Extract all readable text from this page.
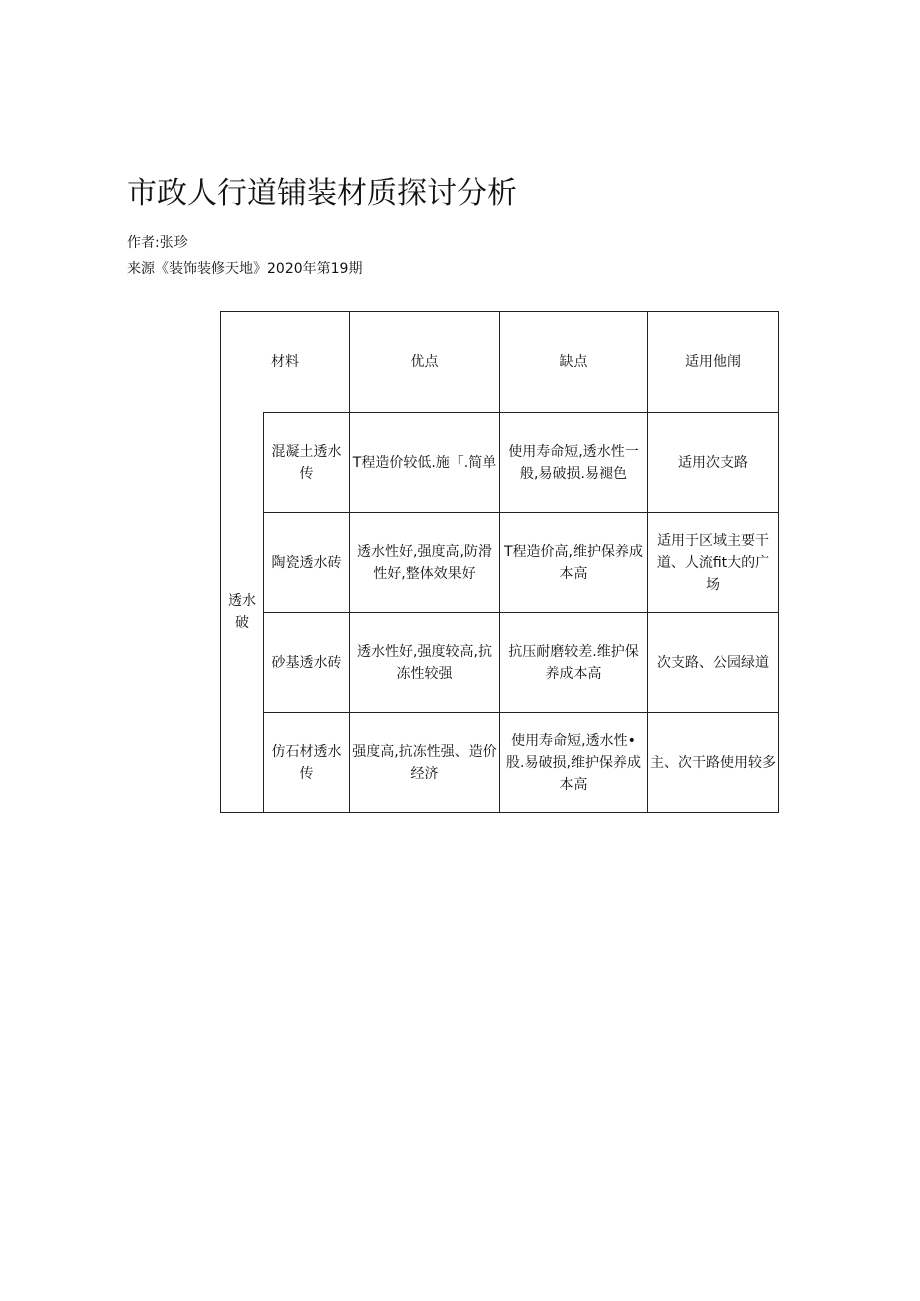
市政人行道铺装材质探讨分析
作者:张珍
来源《装饰装修天地》2020年第19期
材料		优点	缺点	适用他闱
透水破	混凝土透水传	T程造价较低.施「.简单	使用寿命短,透水性一般,易破损.易褪色	适用次支路
	陶瓷透水砖	透水性好,强度高,防滑性好,整体效果好	T程造价高,维护保养成本高	适用于区域主要干道、人流fit大的广场
	砂基透水砖	透水性好,强度较高,抗冻性较强	抗压耐磨较差.维护保养成本高	次支路、公园绿道
	仿石材透水传	强度高,抗冻性强、造价经济	使用寿命短,透水性•股.易破损,维护保养成本高	主、次干路使用较多
